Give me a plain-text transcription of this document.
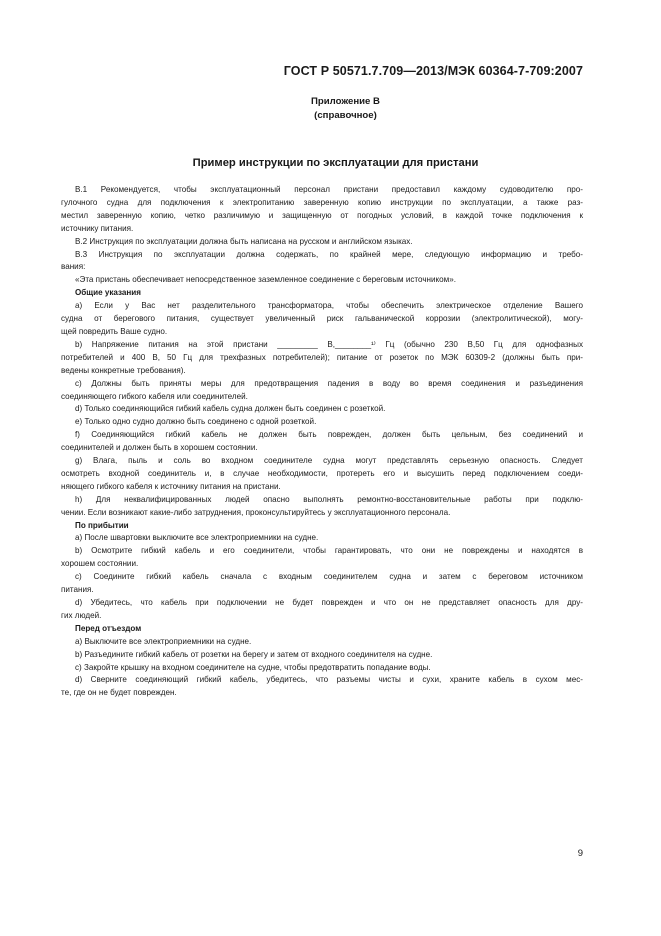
ГОСТ Р 50571.7.709—2013/МЭК 60364-7-709:2007
Приложение В
(справочное)
Пример инструкции по эксплуатации для пристани
В.1 Рекомендуется, чтобы эксплуатационный персонал пристани предоставил каждому судоводителю про-
гулочного судна для подключения к электропитанию заверенную копию инструкции по эксплуатации, а также раз-
местил заверенную копию, четко различимую и защищенную от погодных условий, в каждой точке подключения к
источнику питания.
В.2 Инструкция по эксплуатации должна быть написана на русском и английском языках.
В.3 Инструкция по эксплуатации должна содержать, по крайней мере, следующую информацию и требо-
вания:
«Эта пристань обеспечивает непосредственное заземленное соединение с береговым источником».
Общие указания
a) Если у Вас нет разделительного трансформатора, чтобы обеспечить электрическое отделение Вашего
судна от берегового питания, существует увеличенный риск гальванической коррозии (электролитической), могу-
щей повредить Ваше судно.
b) Напряжение питания на этой пристани _________ В,________¹⁾ Гц (обычно 230 В,50 Гц для однофазных
потребителей и 400 В, 50 Гц для трехфазных потребителей); питание от розеток по МЭК 60309-2 (должны быть при-
ведены конкретные требования).
c) Должны быть приняты меры для предотвращения падения в воду во время соединения и разъединения
соединяющего гибкого кабеля или соединителей.
d) Только соединяющийся гибкий кабель судна должен быть соединен с розеткой.
e) Только одно судно должно быть соединено с одной розеткой.
f) Соединяющийся гибкий кабель не должен быть поврежден, должен быть цельным, без соединений и
соединителей и должен быть в хорошем состоянии.
g) Влага, пыль и соль во входном соединителе судна могут представлять серьезную опасность. Следует
осмотреть входной соединитель и, в случае необходимости, протереть его и высушить перед подключением соеди-
няющего гибкого кабеля к источнику питания на пристани.
h) Для неквалифицированных людей опасно выполнять ремонтно-восстановительные работы при подклю-
чении. Если возникают какие-либо затруднения, проконсультируйтесь у эксплуатационного персонала.
По прибытии
a) После швартовки выключите все электроприемники на судне.
b) Осмотрите гибкий кабель и его соединители, чтобы гарантировать, что они не повреждены и находятся в
хорошем состоянии.
c) Соедините гибкий кабель сначала с входным соединителем судна и затем с береговом источником
питания.
d) Убедитесь, что кабель при подключении не будет поврежден и что он не представляет опасность для дру-
гих людей.
Перед отъездом
a) Выключите все электроприемники на судне.
b) Разъедините гибкий кабель от розетки на берегу и затем от входного соединителя на судне.
c) Закройте крышку на входном соединителе на судне, чтобы предотвратить попадание воды.
d) Сверните соединяющий гибкий кабель, убедитесь, что разъемы чисты и сухи, храните кабель в сухом мес-
те, где он не будет поврежден.
9
